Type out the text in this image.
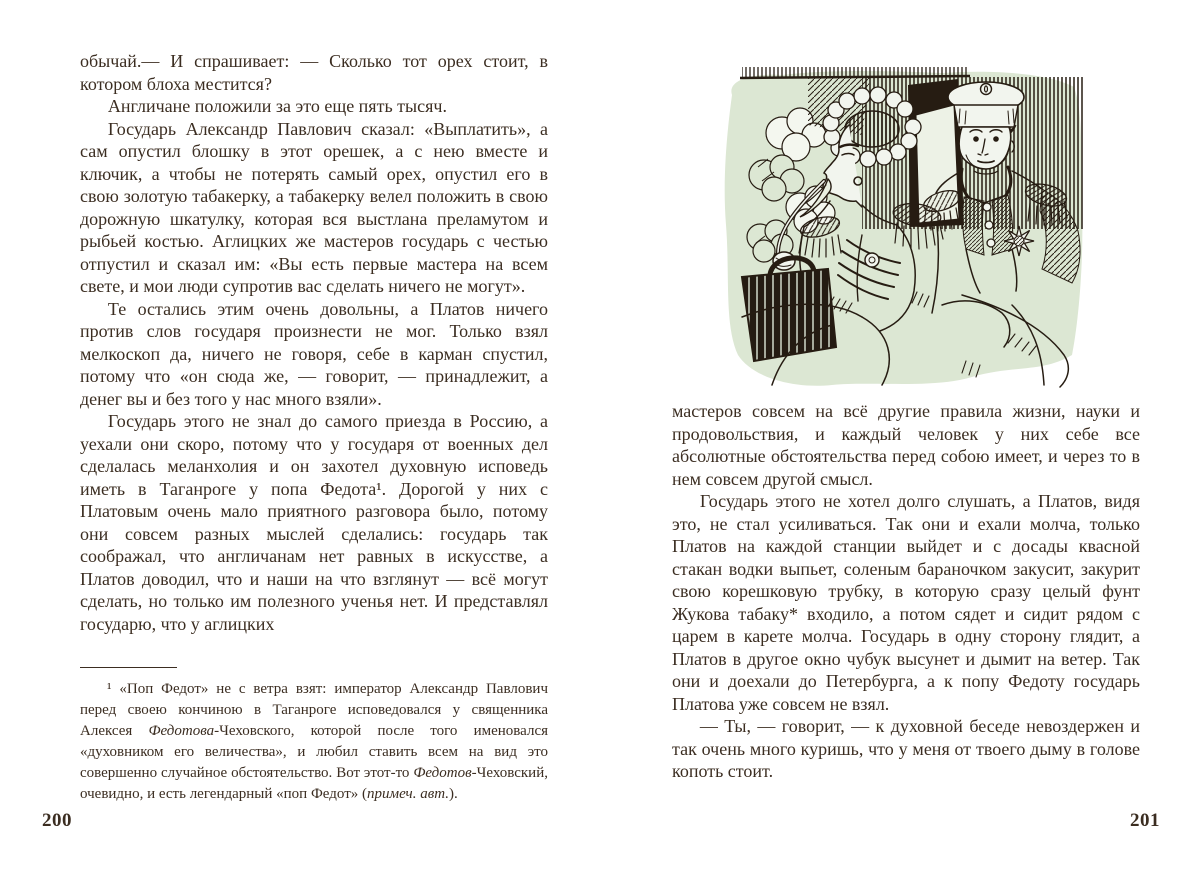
обычай.— И спрашивает: — Сколько тот орех стоит, в котором блоха местится?

Англичане положили за это еще пять тысяч.

Государь Александр Павлович сказал: «Выплатить», а сам опустил блошку в этот орешек, а с нею вместе и ключик, а чтобы не потерять самый орех, опустил его в свою золотую табакерку, а табакерку велел положить в свою дорожную шкатулку, которая вся выстлана преламутом и рыбьей костью. Аглицких же мастеров государь с честью отпустил и сказал им: «Вы есть первые мастера на всем свете, и мои люди супротив вас сделать ничего не могут».

Те остались этим очень довольны, а Платов ничего против слов государя произнести не мог. Только взял мелкоскоп да, ничего не говоря, себе в карман спустил, потому что «он сюда же, — говорит, — принадлежит, а денег вы и без того у нас много взяли».

Государь этого не знал до самого приезда в Россию, а уехали они скоро, потому что у государя от военных дел сделалась меланхолия и он захотел духовную исповедь иметь в Таганроге у попа Федота¹. Дорогой у них с Платовым очень мало приятного разговора было, потому они совсем разных мыслей сделались: государь так соображал, что англичанам нет равных в искусстве, а Платов доводил, что и наши на что взглянут — всё могут сделать, но только им полезного ученья нет. И представлял государю, что у аглицких

¹ «Поп Федот» не с ветра взят: император Александр Павлович перед своею кончиною в Таганроге исповедовался у священника Алексея Федотова-Чеховского, которой после того именовался «духовником его величества», и любил ставить всем на вид это совершенно случайное обстоятельство. Вот этот-то Федотов-Чеховский, очевидно, и есть легендарный «поп Федот» (примеч. авт.).

200

мастеров совсем на всё другие правила жизни, науки и продовольствия, и каждый человек у них себе все абсолютные обстоятельства перед собою имеет, и через то в нем совсем другой смысл.

Государь этого не хотел долго слушать, а Платов, видя это, не стал усиливаться. Так они и ехали молча, только Платов на каждой станции выйдет и с досады квасной стакан водки выпьет, соленым бараночком закусит, закурит свою корешковую трубку, в которую сразу целый фунт Жукова табаку* входило, а потом сядет и сидит рядом с царем в карете молча. Государь в одну сторону глядит, а Платов в другое окно чубук высунет и дымит на ветер. Так они и доехали до Петербурга, а к попу Федоту государь Платова уже совсем не взял.

— Ты, — говорит, — к духовной беседе невоздержен и так очень много куришь, что у меня от твоего дыму в голове копоть стоит.

201
